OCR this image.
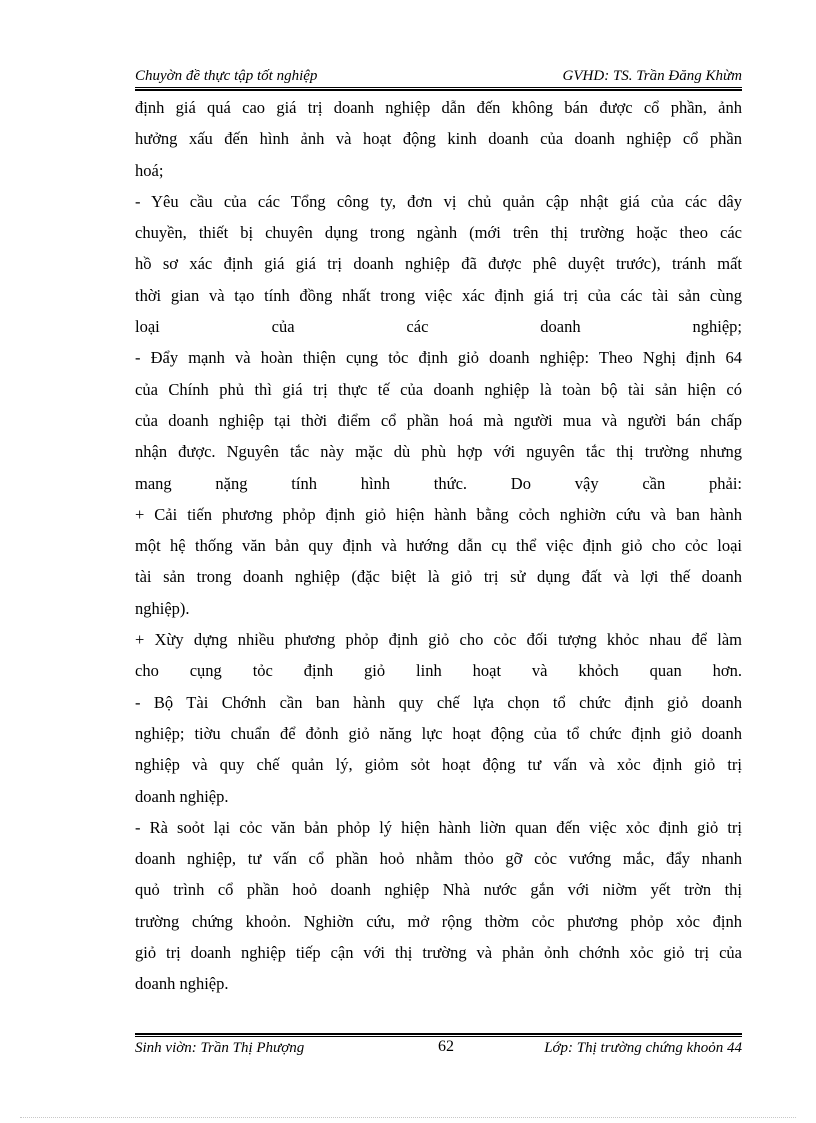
Chuyờn đề thực tập tốt nghiệp	GVHD: TS. Trần Đăng Khừm
định giá quá cao giá trị doanh nghiệp dẫn đến không bán được cổ phần, ảnh
hưởng xấu đến hình ảnh và hoạt động kinh doanh của doanh nghiệp cổ phần
hoá;
- Yêu cầu của các Tổng công ty, đơn vị chủ quản cập nhật giá của các dây
chuyền, thiết bị chuyên dụng trong ngành (mới trên thị trường hoặc theo các
hồ sơ xác định giá giá trị doanh nghiệp đã được phê duyệt trước), tránh mất
thời gian và tạo tính đồng nhất trong việc xác định giá trị của các tài sản cùng
loại của các doanh nghiệp;
- Đẩy mạnh và hoàn thiện cụng tỏc định giỏ doanh nghiệp: Theo Nghị định 64
của Chính phủ thì giá trị thực tế của doanh nghiệp là toàn bộ tài sản hiện có
của doanh nghiệp tại thời điểm cổ phần hoá mà người mua và người bán chấp
nhận được. Nguyên tắc này mặc dù phù hợp với nguyên tắc thị trường nhưng
mang nặng tính hình thức. Do vậy cần phải:
+ Cải tiến phương phỏp định giỏ hiện hành bằng cỏch nghiờn cứu và ban hành
một hệ thống văn bản quy định và hướng dẫn cụ thể việc định giỏ cho cỏc loại
tài sản trong doanh nghiệp (đặc biệt là giỏ trị sử dụng đất và lợi thế doanh
nghiệp).
+ Xừy dựng nhiều phương phỏp định giỏ cho cỏc đối tượng khỏc nhau để làm
cho cụng tỏc định giỏ linh hoạt và khỏch quan hơn.
- Bộ Tài Chớnh cần ban hành quy chế lựa chọn tổ chức định giỏ doanh
nghiệp; tiờu chuẩn để đỏnh giỏ năng lực hoạt động của tổ chức định giỏ doanh
nghiệp và quy chế quản lý, giỏm sỏt hoạt động tư vấn và xỏc định giỏ trị
doanh nghiệp.
- Rà soỏt lại cỏc văn bản phỏp lý hiện hành liờn quan đến việc xỏc định giỏ trị
doanh nghiệp, tư vấn cổ phần hoỏ nhằm thỏo gỡ cỏc vướng mắc, đẩy nhanh
quỏ trình cổ phần hoỏ doanh nghiệp Nhà nước gắn với niờm yết trờn thị
trường chứng khoỏn. Nghiờn cứu, mở rộng thờm cỏc phương phỏp xỏc định
giỏ trị doanh nghiệp tiếp cận với thị trường và phản ỏnh chớnh xỏc giỏ trị của
doanh nghiệp.
Sinh viờn: Trần Thị Phượng	62	Lớp: Thị trường chứng khoỏn 44
